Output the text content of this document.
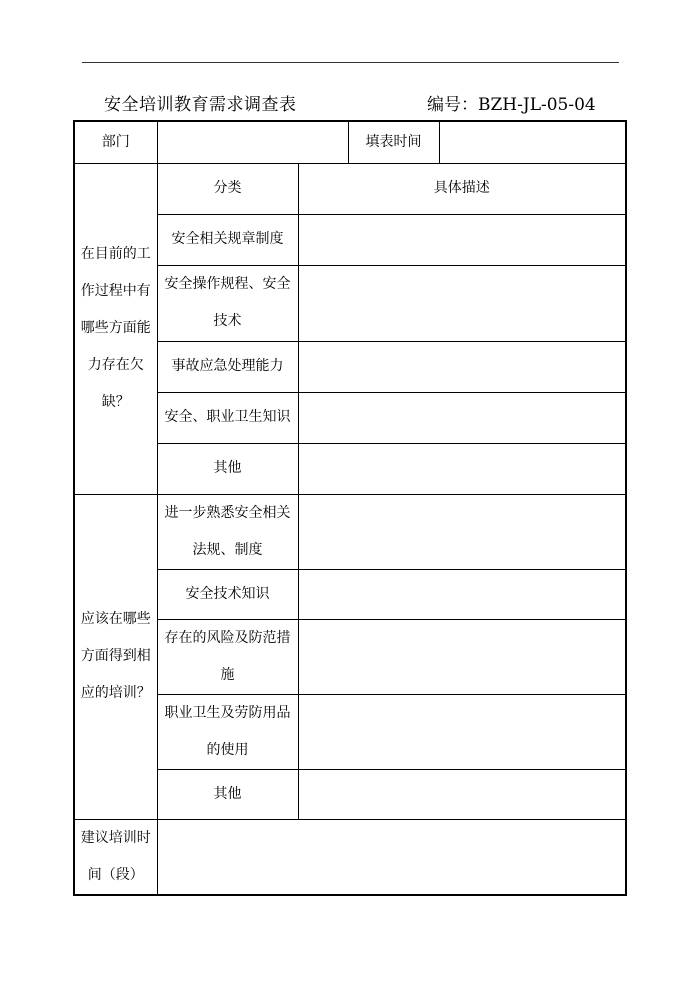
安全培训教育需求调查表	编号：BZH-JL-05-04
部门			填表时间	
在目前的工作过程中有哪些方面能力存在欠缺？	分类	具体描述		
	安全相关规章制度			
	安全操作规程、安全技术			
	事故应急处理能力			
	安全、职业卫生知识			
	其他			
应该在哪些方面得到相应的培训？	进一步熟悉安全相关法规、制度			
	安全技术知识			
	存在的风险及防范措施			
	职业卫生及劳防用品的使用			
	其他			
建议培训时间（段）				
